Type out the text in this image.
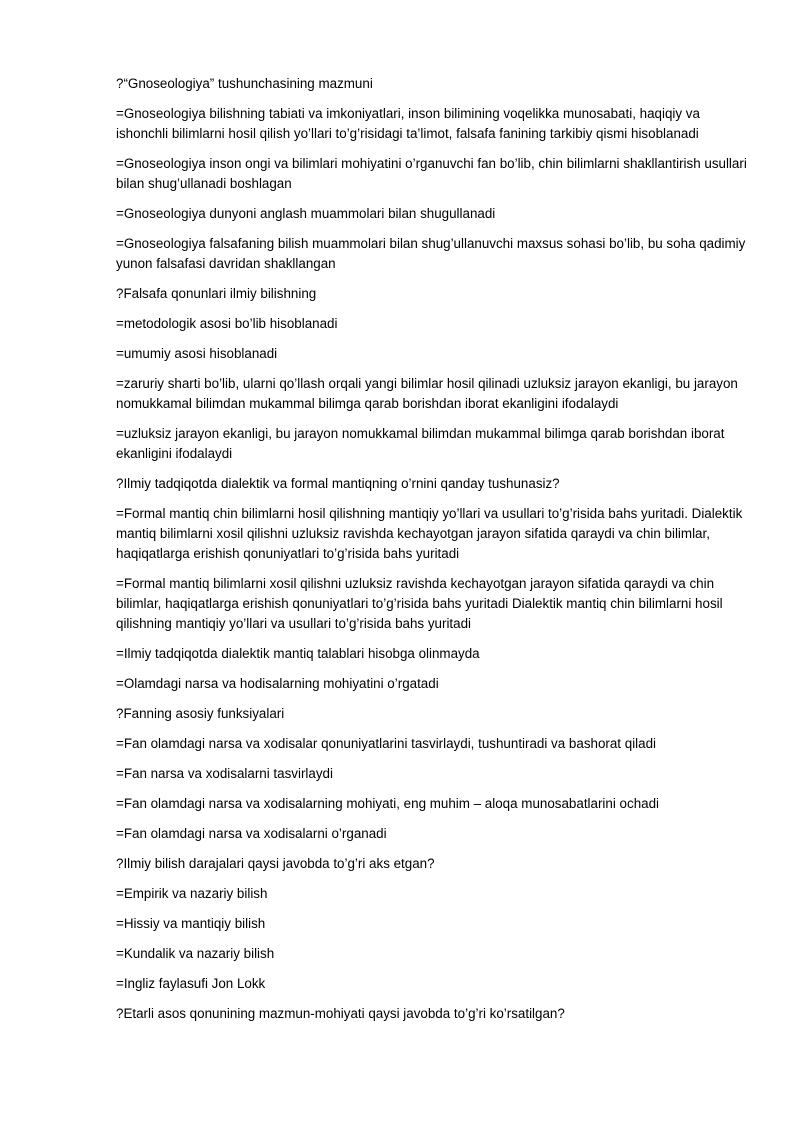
?“Gnoseologiya” tushunchasining mazmuni

=Gnoseologiya bilishning tabiati va imkoniyatlari, inson bilimining voqelikka munosabati, haqiqiy va ishonchli bilimlarni hosil qilish yo’llari to’g’risidagi ta’limot, falsafa fanining tarkibiy qismi hisoblanadi

=Gnoseologiya inson ongi va bilimlari mohiyatini o’rganuvchi fan bo’lib, chin bilimlarni shakllantirish usullari bilan shug’ullanadi boshlagan

=Gnoseologiya dunyoni anglash muammolari bilan shugullanadi

=Gnoseologiya falsafaning bilish muammolari bilan shug’ullanuvchi maxsus sohasi bo’lib, bu soha qadimiy yunon falsafasi davridan shakllangan

?Falsafa qonunlari ilmiy bilishning

=metodologik asosi bo’lib hisoblanadi

=umumiy asosi hisoblanadi

=zaruriy sharti bo’lib, ularni qo’llash orqali yangi bilimlar hosil qilinadi uzluksiz jarayon ekanligi, bu jarayon nomukkamal bilimdan mukammal bilimga qarab borishdan iborat ekanligini ifodalaydi

=uzluksiz jarayon ekanligi, bu jarayon nomukkamal bilimdan mukammal bilimga qarab borishdan iborat ekanligini ifodalaydi

?Ilmiy tadqiqotda dialektik va formal mantiqning o’rnini qanday tushunasiz?

=Formal mantiq chin bilimlarni hosil qilishning mantiqiy yo’llari va usullari to’g’risida bahs yuritadi. Dialektik mantiq bilimlarni xosil qilishni uzluksiz ravishda kechayotgan jarayon sifatida qaraydi va chin bilimlar, haqiqatlarga erishish qonuniyatlari to’g’risida bahs yuritadi

=Formal mantiq bilimlarni xosil qilishni uzluksiz ravishda kechayotgan jarayon sifatida qaraydi va chin bilimlar, haqiqatlarga erishish qonuniyatlari to’g’risida bahs yuritadi Dialektik mantiq chin bilimlarni hosil qilishning mantiqiy yo’llari va usullari to’g’risida bahs yuritadi

=Ilmiy tadqiqotda dialektik mantiq talablari hisobga olinmayda

=Olamdagi narsa va hodisalarning mohiyatini o’rgatadi

?Fanning asosiy funksiyalari

=Fan olamdagi narsa va xodisalar qonuniyatlarini tasvirlaydi, tushuntiradi va bashorat qiladi

=Fan narsa va xodisalarni tasvirlaydi

=Fan olamdagi narsa va xodisalarning mohiyati, eng muhim – aloqa munosabatlarini ochadi

=Fan olamdagi narsa va xodisalarni o’rganadi

?Ilmiy bilish darajalari qaysi javobda to’g’ri aks etgan?

=Empirik va nazariy bilish

=Hissiy va mantiqiy bilish

=Kundalik va nazariy bilish

=Ingliz faylasufi Jon Lokk

?Etarli asos qonunining mazmun-mohiyati qaysi javobda to’g’ri ko’rsatilgan?
